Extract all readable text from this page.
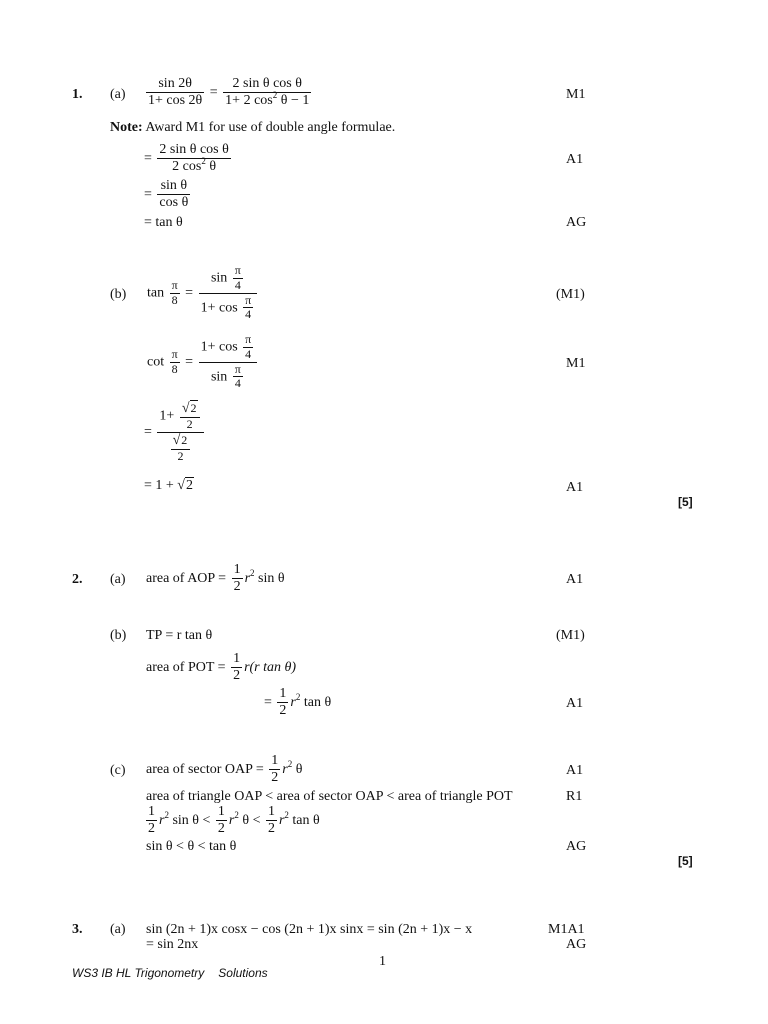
1. $(a) \frac{\sin 2\theta}{1+ \cos 2\theta} = \frac{\text{2 sin θ cos θ}}{1+ 2 \cos^2 \theta - 1}$	M1
Note: Award M1 for use of double angle formulae.
= $\frac{\text{2 sin θ cos θ}}{2 \cos^2 \theta}$	A1
= $\frac{\text{sin θ}}{\text{cos θ}}$
= tan θ	AG
(b) $\tan \frac{\pi}{8} = \frac{\sin \frac{\pi}{4}}{1+ \cos \frac{\pi}{4}}$	(M1)
$\cot \frac{\pi}{8} = \frac{1+ \cos \frac{\pi}{4}}{\sin \frac{\pi}{4}}$	M1
= $\frac{1+ \frac{√2}{2}}{\frac{√2}{2}}$
= 1 + √2	A1
[5]
2. (a) area of AOP = $\frac{1}{2} r^2$ sin θ	A1
(b) TP = r tan θ	(M1)
area of POT = $\frac{1}{2} r(r$ tan θ)
= $\frac{1}{2} r^2$ tan θ	A1
(c) area of sector OAP = $\frac{1}{2} r^2$ θ	A1
area of triangle OAP < area of sector OAP < area of triangle POT	R1
$\frac{1}{2} r^2$ $\sin \theta < \frac{1}{2} r^2$ $\theta < \frac{1}{2} r^2$ tan θ
sin θ < θ < tan θ	AG
[5]
3. (a) sin (2n + 1)x cosx − cos (2n + 1)x sinx = sin (2n + 1)x − x	M1A1
= sin 2nx	AG
1
WS3 IB HL Trigonometry Solutions
